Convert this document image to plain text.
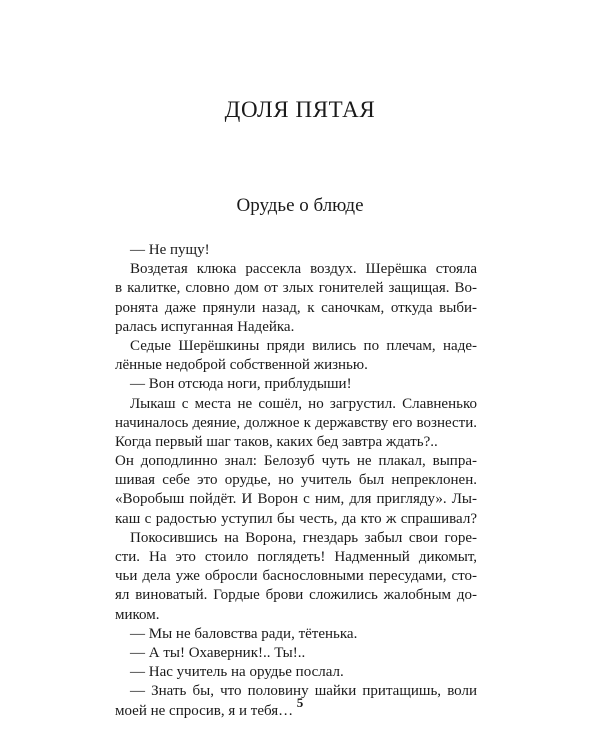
ДОЛЯ ПЯТАЯ
Орудье о блюде
— Не пущу!
Воздетая клюка рассекла воздух. Шерёшка стояла
в калитке, словно дом от злых гонителей защищая. Во-
ронята даже прянули назад, к саночкам, откуда выби-
ралась испуганная Надейка.
Седые Шерёшкины пряди вились по плечам, наде-
лённые недоброй собственной жизнью.
— Вон отсюда ноги, приблудыши!
Лыкаш с места не сошёл, но загрустил. Славненько
начиналось деяние, должное к державству его вознести.
Когда первый шаг таков, каких бед завтра ждать?..
Он доподлинно знал: Белозуб чуть не плакал, выпра-
шивая себе это орудье, но учитель был непреклонен.
«Воробыш пойдёт. И Ворон с ним, для пригляду». Лы-
каш с радостью уступил бы честь, да кто ж спрашивал?
Покосившись на Ворона, гнездарь забыл свои горе-
сти. На это стоило поглядеть! Надменный дикомыт,
чьи дела уже обросли баснословными пересудами, сто-
ял виноватый. Гордые брови сложились жалобным до-
миком.
— Мы не баловства ради, тётенька.
— А ты! Охаверник!.. Ты!..
— Нас учитель на орудье послал.
— Знать бы, что половину шайки притащишь, воли
моей не спросив, я и тебя… 5
